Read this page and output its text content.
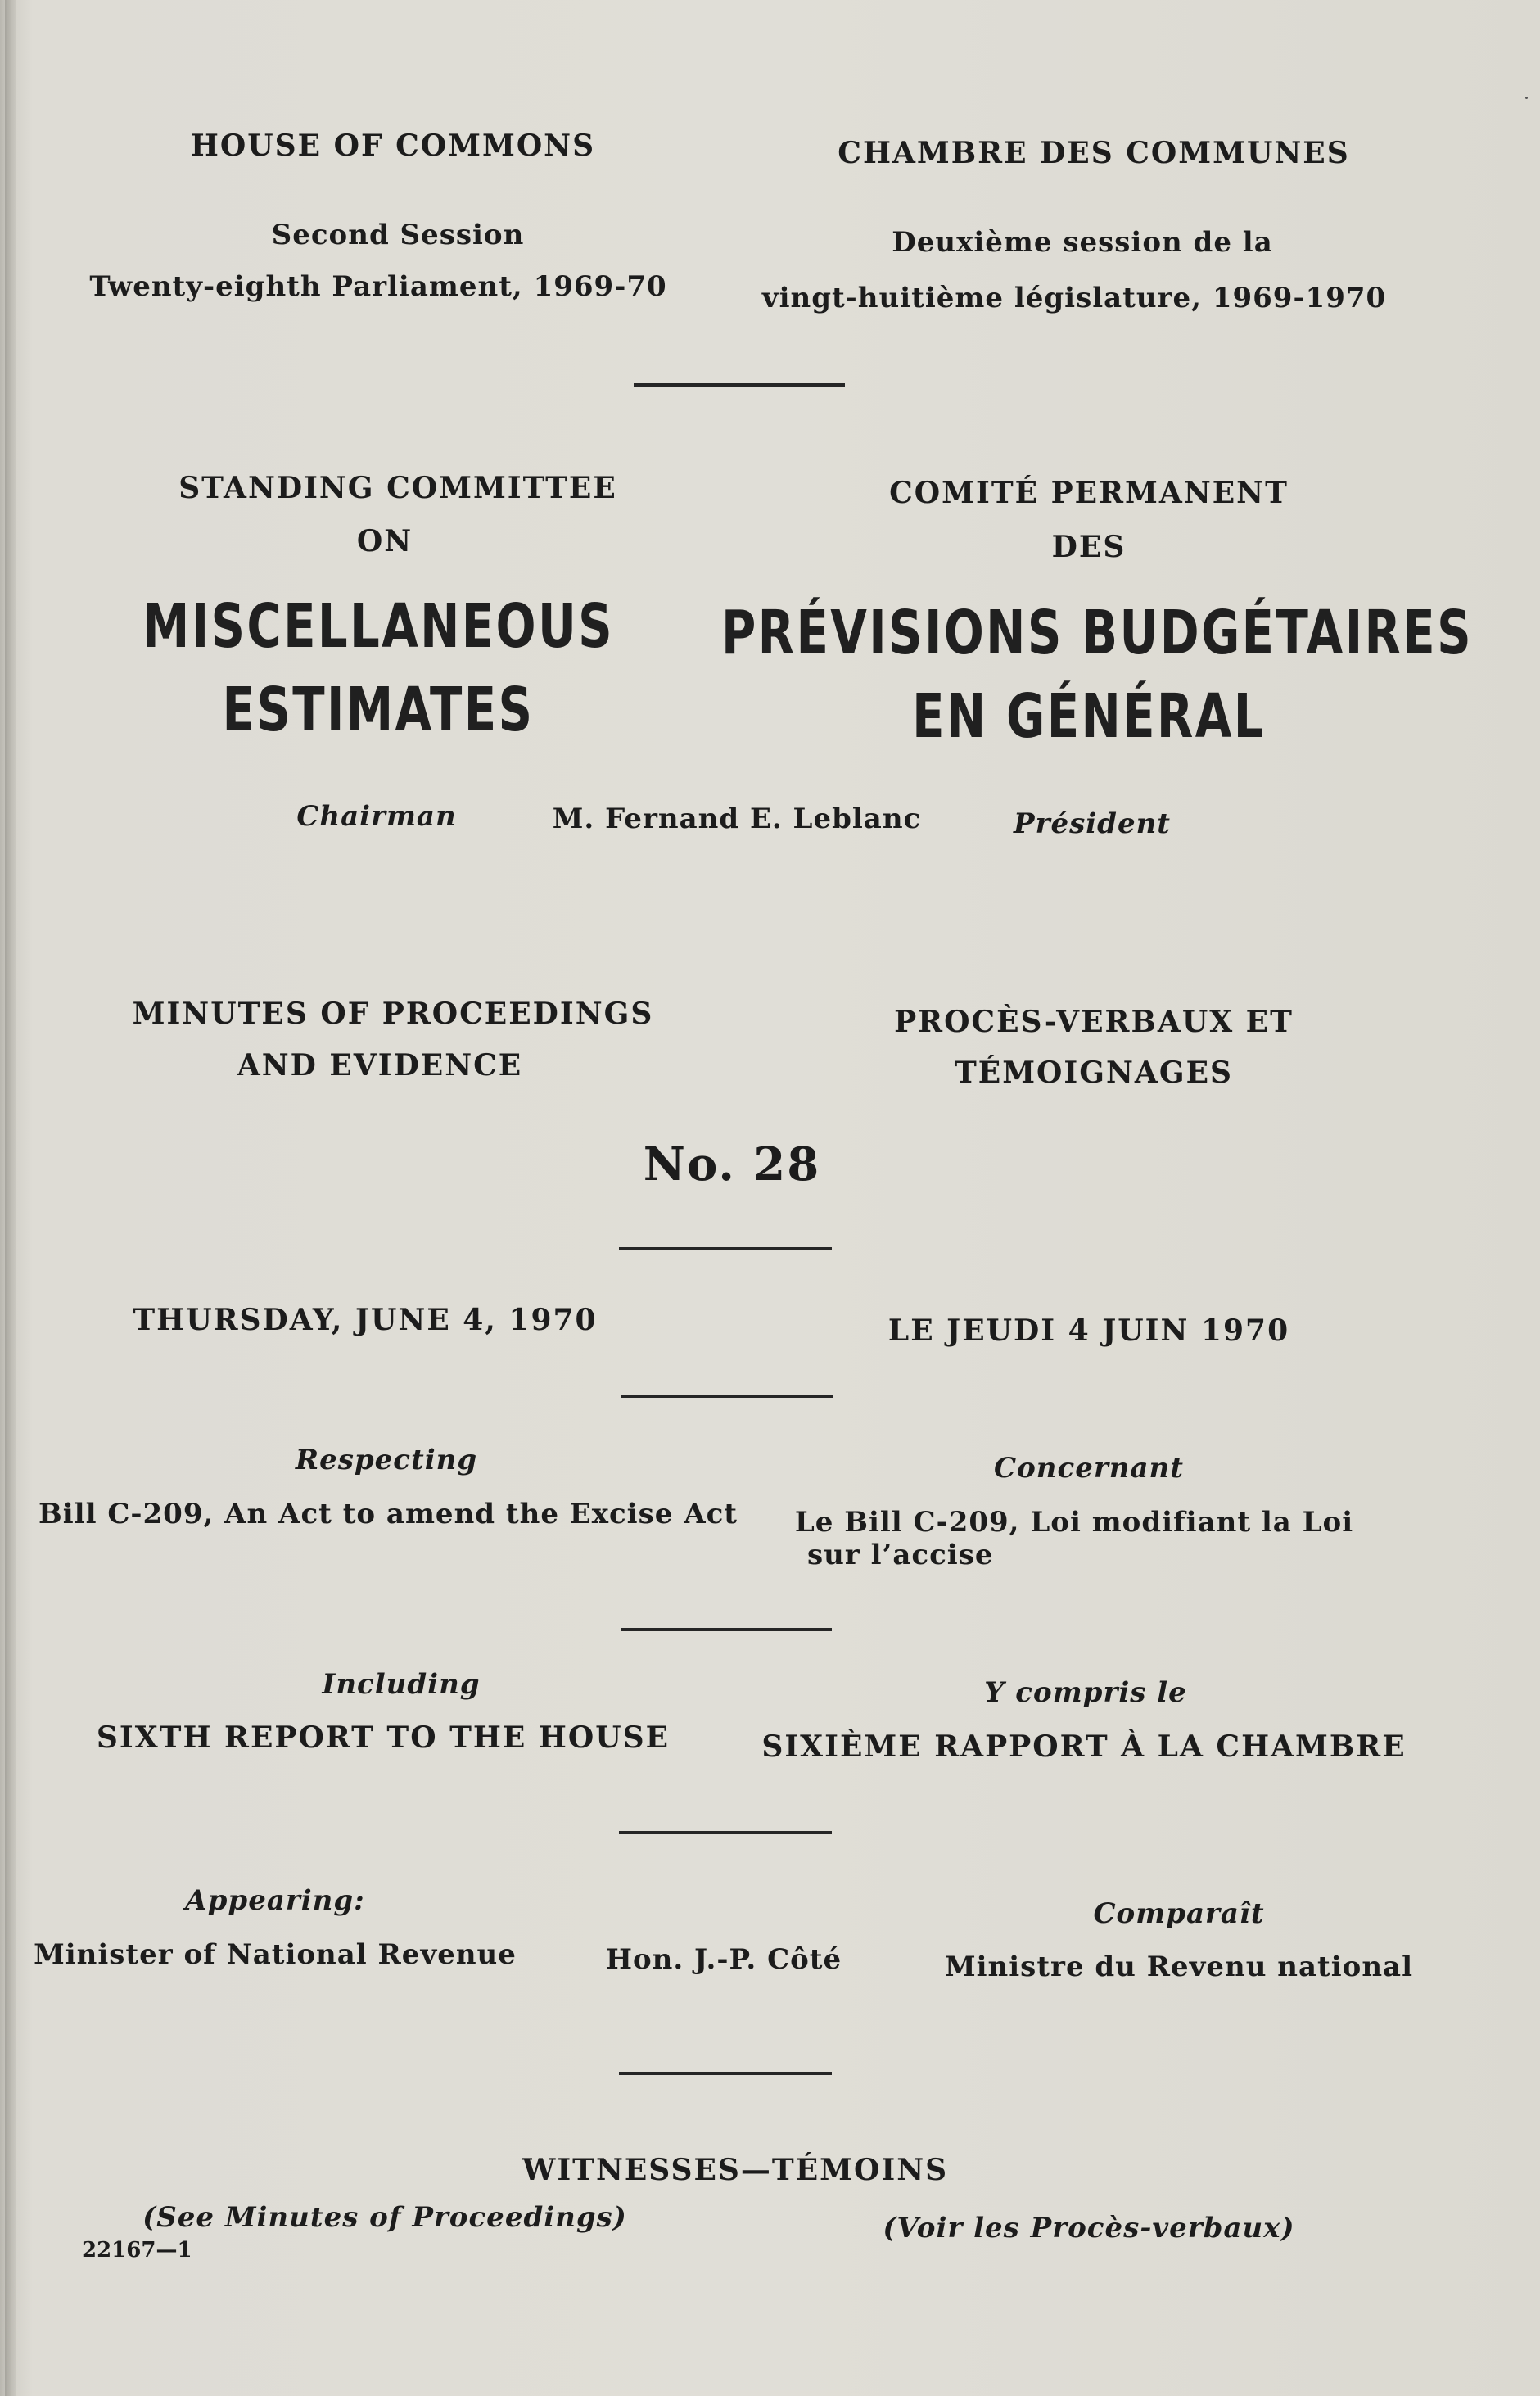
HOUSE OF COMMONS	CHAMBRE DES COMMUNES
Second Session
Twenty-eighth Parliament, 1969-70
Deuxième session de la
vingt-huitième législature, 1969-1970
STANDING COMMITTEE
ON
COMITÉ PERMANENT
DES
MISCELLANEOUS
ESTIMATES
PRÉVISIONS BUDGÉTAIRES
EN GÉNÉRAL
Chairman	M. Fernand E. Leblanc	Président
MINUTES OF PROCEEDINGS
AND EVIDENCE
PROCÈS-VERBAUX ET
TÉMOIGNAGES
No. 28
THURSDAY, JUNE 4, 1970	LE JEUDI 4 JUIN 1970
Respecting
Bill C-209, An Act to amend the Excise Act
Concernant
Le Bill C-209, Loi modifiant la Loi
sur l’accise
Including
SIXTH REPORT TO THE HOUSE
Y compris le
SIXIÈME RAPPORT À LA CHAMBRE
Appearing:
Minister of National Revenue	Hon. J.-P. Côté
Comparaît
Ministre du Revenu national
WITNESSES—TÉMOINS
(See Minutes of Proceedings)	(Voir les Procès-verbaux)
22167—1
